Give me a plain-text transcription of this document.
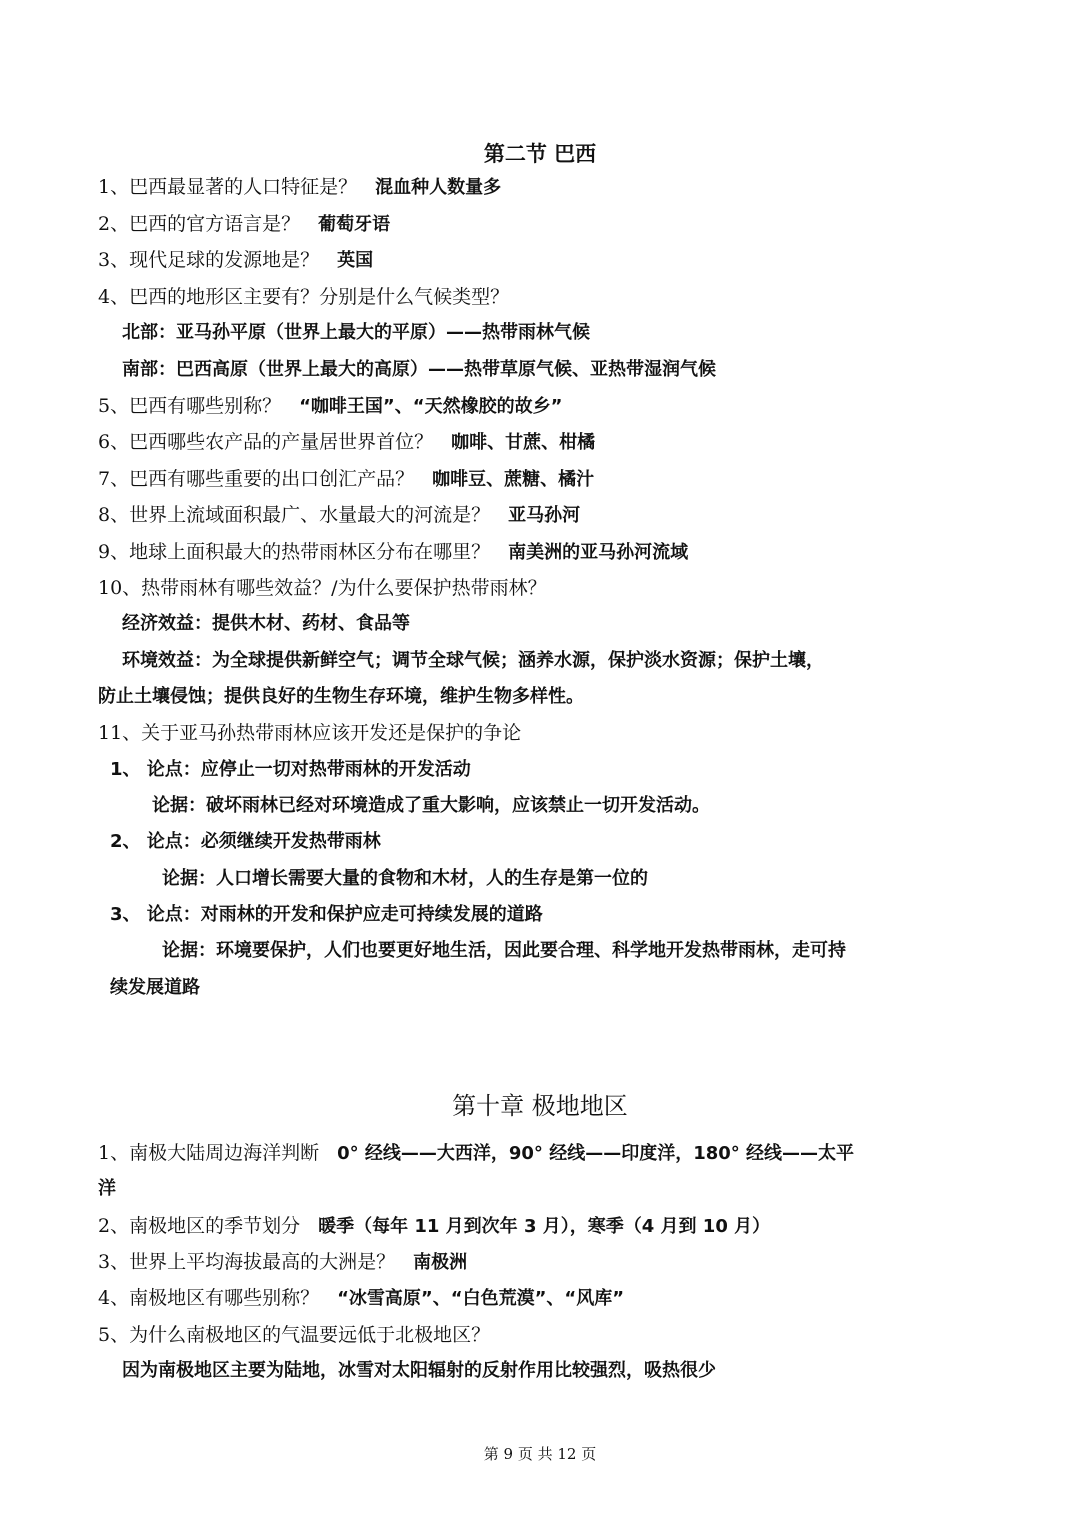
第二节 巴西
1、巴西最显著的人口特征是？ 混血种人数量多
2、巴西的官方语言是？ 葡萄牙语
3、现代足球的发源地是？ 英国
4、巴西的地形区主要有？分别是什么气候类型？
北部：亚马孙平原（世界上最大的平原）——热带雨林气候
南部：巴西高原（世界上最大的高原）——热带草原气候、亚热带湿润气候
5、巴西有哪些别称？ “咖啡王国”、“天然橡胶的故乡”
6、巴西哪些农产品的产量居世界首位？ 咖啡、甘蔗、柑橘
7、巴西有哪些重要的出口创汇产品？ 咖啡豆、蔗糖、橘汁
8、世界上流域面积最广、水量最大的河流是？ 亚马孙河
9、地球上面积最大的热带雨林区分布在哪里？ 南美洲的亚马孙河流域
10、热带雨林有哪些效益？/为什么要保护热带雨林？
经济效益：提供木材、药材、食品等
环境效益：为全球提供新鲜空气；调节全球气候；涵养水源，保护淡水资源；保护土壤，
防止土壤侵蚀；提供良好的生物生存环境，维护生物多样性。
11、关于亚马孙热带雨林应该开发还是保护的争论
1、 论点：应停止一切对热带雨林的开发活动
论据：破坏雨林已经对环境造成了重大影响，应该禁止一切开发活动。
2、 论点：必须继续开发热带雨林
论据：人口增长需要大量的食物和木材，人的生存是第一位的
3、 论点：对雨林的开发和保护应走可持续发展的道路
论据：环境要保护，人们也要更好地生活，因此要合理、科学地开发热带雨林，走可持
续发展道路
第十章 极地地区
1、南极大陆周边海洋判断 0° 经线——大西洋，90° 经线——印度洋，180° 经线——太平
洋
2、南极地区的季节划分 暖季（每年 11 月到次年 3 月），寒季（4 月到 10 月）
3、世界上平均海拔最高的大洲是？ 南极洲
4、南极地区有哪些别称？ “冰雪高原”、“白色荒漠”、“风库”
5、为什么南极地区的气温要远低于北极地区？
因为南极地区主要为陆地，冰雪对太阳辐射的反射作用比较强烈，吸热很少
第 9 页 共 12 页
